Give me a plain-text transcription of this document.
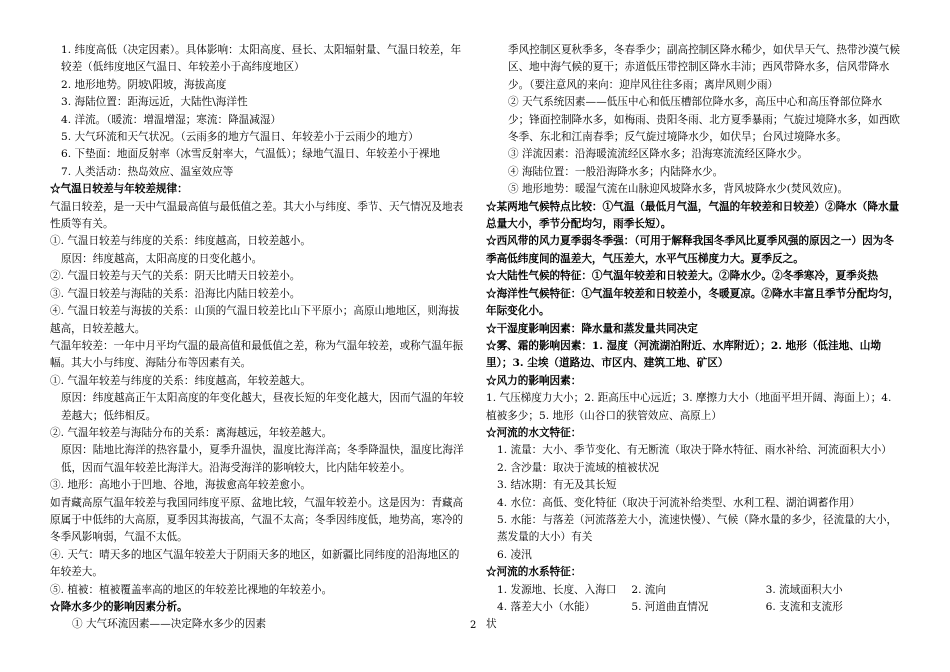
1. 纬度高低（决定因素）。具体影响：太阳高度、昼长、太阳辐射量、气温日较差，年较差（低纬度地区气温日、年较差小于高纬度地区）

2. 地形地势。阴坡\阳坡，海拔高度

3. 海陆位置：距海远近，大陆性\海洋性

4. 洋流。（暖流：增温增湿；寒流：降温减湿）

5. 大气环流和天气状况。（云雨多的地方气温日、年较差小于云雨少的地方）

6. 下垫面：地面反射率（冰雪反射率大，气温低）；绿地气温日、年较差小于裸地

7. 人类活动：热岛效应、温室效应等

☆气温日较差与年较差规律：

气温日较差，是一天中气温最高值与最低值之差。其大小与纬度、季节、天气情况及地表性质等有关。

①. 气温日较差与纬度的关系：纬度越高，日较差越小。

原因：纬度越高，太阳高度的日变化越小。

②. 气温日较差与天气的关系：阴天比晴天日较差小。

③. 气温日较差与海陆的关系：沿海比内陆日较差小。

④. 气温日较差与海拔的关系：山顶的气温日较差比山下平原小；高原山地地区，则海拔越高，日较差越大。

气温年较差：一年中月平均气温的最高值和最低值之差，称为气温年较差，或称气温年振幅。其大小与纬度、海陆分布等因素有关。

①. 气温年较差与纬度的关系：纬度越高，年较差越大。

原因：纬度越高正午太阳高度的年变化越大，昼夜长短的年变化越大，因而气温的年较差越大；低纬相反。

②. 气温年较差与海陆分布的关系：离海越远，年较差越大。

原因：陆地比海洋的热容量小，夏季升温快，温度比海洋高；冬季降温快，温度比海洋低，因而气温年较差比海洋大。沿海受海洋的影响较大，比内陆年较差小。

③. 地形：高地小于凹地、谷地，海拔愈高年较差愈小。

如青藏高原气温年较差与我国同纬度平原、盆地比较，气温年较差小。这是因为：青藏高原属于中低纬的大高原，夏季因其海拔高，气温不太高；冬季因纬度低，地势高，寒冷的冬季风影响弱，气温不太低。

④. 天气：晴天多的地区气温年较差大于阴雨天多的地区，如新疆比同纬度的沿海地区的年较差大。

⑤. 植被：植被覆盖率高的地区的年较差比裸地的年较差小。

☆降水多少的影响因素分析。

① 大气环流因素——决定降水多少的因素

季风控制区夏秋季多，冬春季少；副高控制区降水稀少，如伏旱天气、热带沙漠气候区、地中海气候的夏干；赤道低压带控制区降水丰沛；西风带降水多，信风带降水少。（要注意风的来向：迎岸风往往多雨；离岸风则少雨）

② 天气系统因素——低压中心和低压槽部位降水多，高压中心和高压脊部位降水少；锋面控制降水多，如梅雨、贵阳冬雨、北方夏季暴雨；气旋过境降水多，如西欧冬季、东北和江南春季；反气旋过境降水少，如伏旱；台风过境降水多。

③ 洋流因素：沿海暖流流经区降水多；沿海寒流流经区降水少。

④ 海陆位置：一般沿海降水多；内陆降水少。

⑤ 地形地势：暖湿气流在山脉迎风坡降水多，背风坡降水少(焚风效应)。

☆某两地气候特点比较：①气温（最低月气温，气温的年较差和日较差）②降水（降水量总量大小，季节分配均匀，雨季长短）。

☆西风带的风力夏季弱冬季强：（可用于解释我国冬季风比夏季风强的原因之一）因为冬季高低纬度间的温差大，气压差大，水平气压梯度力大。夏季反之。

☆大陆性气候的特征：①气温年较差和日较差大。②降水少。②冬季寒冷，夏季炎热

☆海洋性气候特征：①气温年较差和日较差小，冬暖夏凉。②降水丰富且季节分配均匀，年际变化小。

☆干湿度影响因素：降水量和蒸发量共同决定

☆雾、霜的影响因素：1. 湿度（河流湖泊附近、水库附近）；2. 地形（低洼地、山坳里）；3. 尘埃（道路边、市区内、建筑工地、矿区）

☆风力的影响因素：

1. 气压梯度力大小；2. 距高压中心远近；3. 摩擦力大小（地面平坦开阔、海面上）；4. 植被多少；5. 地形（山谷口的狭管效应、高原上）

☆河流的水文特征：

1. 流量：大小、季节变化、有无断流（取决于降水特征、雨水补给、河流面积大小）

2. 含沙量：取决于流域的植被状况

3. 结冰期：有无及其长短

4. 水位：高低、变化特征（取决于河流补给类型、水利工程、湖泊调蓄作用）

5. 水能：与落差（河流落差大小，流速快慢）、气候（降水量的多少，径流量的大小，蒸发量的大小）有关

6. 凌汛

☆河流的水系特征：

1. 发源地、长度、入海口	2. 流向	3. 流域面积大小
4. 落差大小（水能）	5. 河道曲直情况	6. 支流和支流形

状

2
